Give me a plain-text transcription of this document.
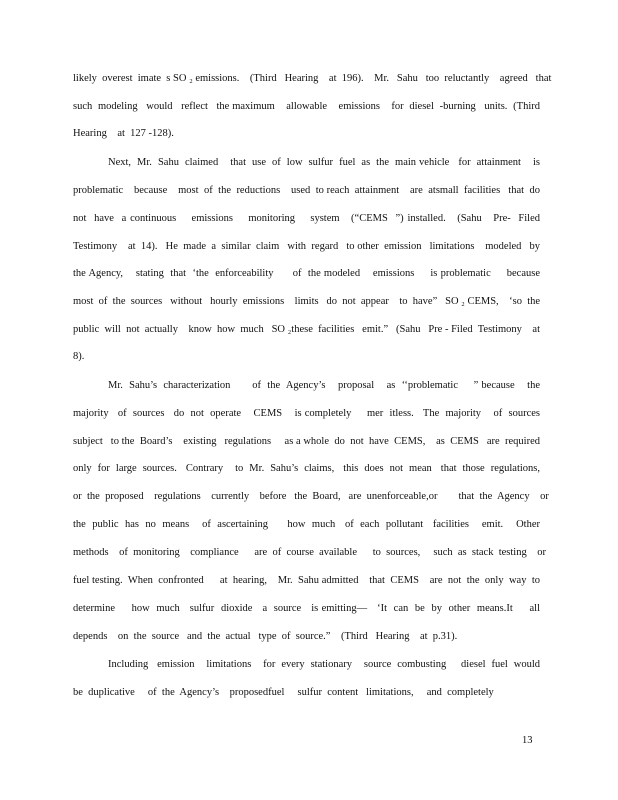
likely  overest  imate  s SO ₂ emissions.    (Third   Hearing    at  196).    Mr.   Sahu   too  reluctantly    agreed   that
such  modeling   would   reflect   the maximum    allowable    emissions    for  diesel  -burning   units.  (Third
Hearing    at  127 -128).
Next,  Mr.  Sahu  claimed    that  use  of  low  sulfur  fuel  as  the  main vehicle   for  attainment    is
problematic    because    most  of  the  reductions    used  to reach  attainment    are  atsmall  facilities   that  do
not  have  a continuous    emissions    monitoring    system   (“CEMS  ”) installed.   (Sahu   Pre-  Filed
Testimony    at  14).   He  made  a  similar  claim   with  regard   to other  emission   limitations    modeled   by
the Agency,    stating  that  ‘the  enforceability      of  the modeled    emissions     is problematic     because
most  of  the  sources   without   hourly  emissions    limits   do  not  appear    to  have”   SO ₂ CEMS,    ‘so  the
public  will  not  actually    know  how  much   SO ₂these  facilities   emit.”   (Sahu   Pre - Filed  Testimony    at
8).
Mr.  Sahu’s  characterization       of  the  Agency’s    proposal    as  ‘‘problematic     ” because    the
majority   of  sources   do  not  operate    CEMS    is completely     mer  itless.   The  majority    of  sources
subject   to the  Board’s    existing   regulations     as a whole  do  not  have  CEMS,    as  CEMS   are  required
only  for  large  sources.   Contrary    to  Mr.  Sahu’s  claims,   this  does  not  mean   that  those  regulations,
or  the  proposed    regulations    currently    before   the  Board,   are  unenforceable,or        that  the  Agency    or
the  public  has  no  means    of  ascertaining      how  much   of  each  pollutant   facilities    emit.    Other
methods    of  monitoring    compliance      are  of  course  available      to  sources,     such  as  stack  testing    or
fuel testing.  When  confronted      at  hearing,    Mr.  Sahu admitted    that  CEMS    are  not  the  only  way  to
determine     how  much   sulfur  dioxide   a  source   is emitting—   ‘It  can  be  by  other  means.It     all
depends    on  the  source   and  the  actual   type  of  source.”    (Third   Hearing    at  p.31).
Including   emission    limitations    for  every  stationary    source  combusting     diesel  fuel  would
be  duplicative     of  the  Agency’s    proposedfuel     sulfur  content   limitations,     and  completely
13
